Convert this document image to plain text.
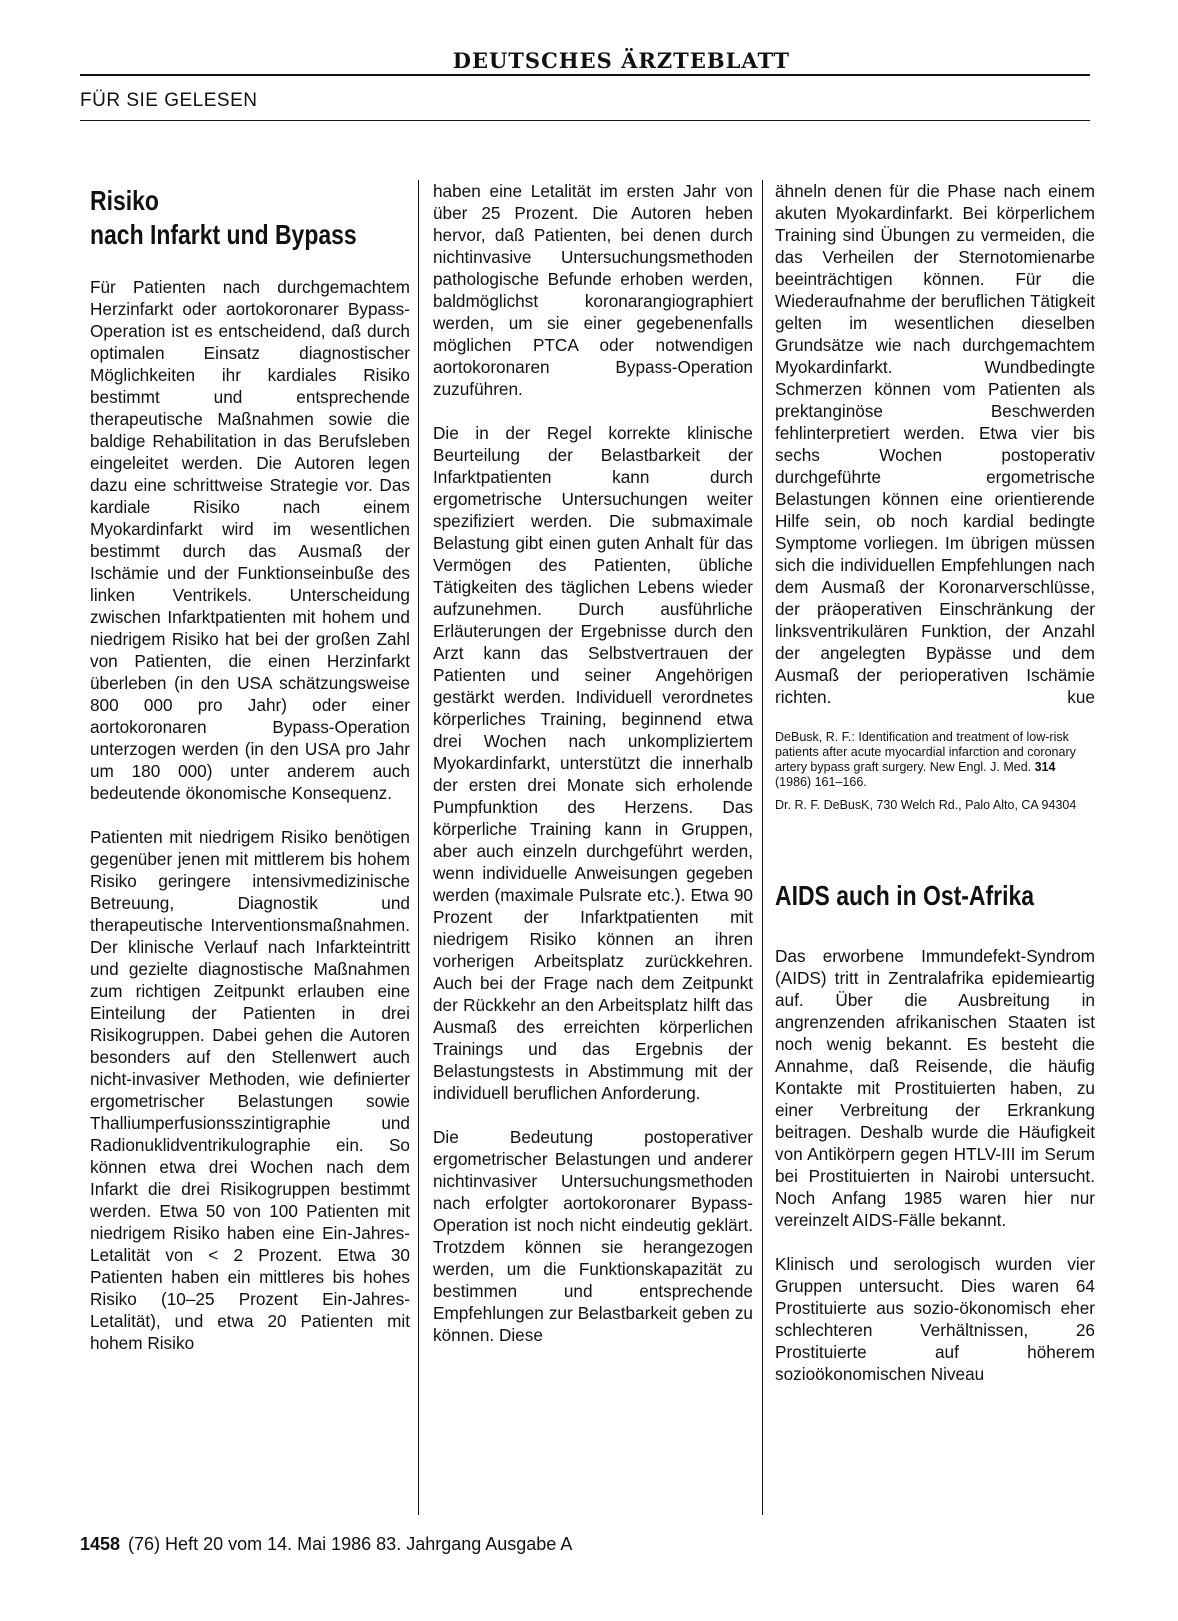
DEUTSCHES ÄRZTEBLATT
FÜR SIE GELESEN
Risiko
nach Infarkt und Bypass

Für Patienten nach durchgemachtem Herzinfarkt oder aortokoronarer Bypass-Operation ist es entscheidend, daß durch optimalen Einsatz diagnostischer Möglichkeiten ihr kardiales Risiko bestimmt und entsprechende therapeutische Maßnahmen sowie die baldige Rehabilitation in das Berufsleben eingeleitet werden. Die Autoren legen dazu eine schrittweise Strategie vor. Das kardiale Risiko nach einem Myokardinfarkt wird im wesentlichen bestimmt durch das Ausmaß der Ischämie und der Funktionseinbuße des linken Ventrikels. Unterscheidung zwischen Infarktpatienten mit hohem und niedrigem Risiko hat bei der großen Zahl von Patienten, die einen Herzinfarkt überleben (in den USA schätzungsweise 800 000 pro Jahr) oder einer aortokoronaren Bypass-Operation unterzogen werden (in den USA pro Jahr um 180 000) unter anderem auch bedeutende ökonomische Konsequenz.

Patienten mit niedrigem Risiko benötigen gegenüber jenen mit mittlerem bis hohem Risiko geringere intensivmedizinische Betreuung, Diagnostik und therapeutische Interventionsmaßnahmen. Der klinische Verlauf nach Infarkteintritt und gezielte diagnostische Maßnahmen zum richtigen Zeitpunkt erlauben eine Einteilung der Patienten in drei Risikogruppen. Dabei gehen die Autoren besonders auf den Stellenwert auch nicht-invasiver Methoden, wie definierter ergometrischer Belastungen sowie Thalliumperfusionsszintigraphie und Radionuklidventrikulographie ein. So können etwa drei Wochen nach dem Infarkt die drei Risikogruppen bestimmt werden. Etwa 50 von 100 Patienten mit niedrigem Risiko haben eine Ein-Jahres-Letalität von < 2 Prozent. Etwa 30 Patienten haben ein mittleres bis hohes Risiko (10–25 Prozent Ein-Jahres-Letalität), und etwa 20 Patienten mit hohem Risiko

haben eine Letalität im ersten Jahr von über 25 Prozent. Die Autoren heben hervor, daß Patienten, bei denen durch nichtinvasive Untersuchungsmethoden pathologische Befunde erhoben werden, baldmöglichst koronarangiographiert werden, um sie einer gegebenenfalls möglichen PTCA oder notwendigen aortokoronaren Bypass-Operation zuzuführen.

Die in der Regel korrekte klinische Beurteilung der Belastbarkeit der Infarktpatienten kann durch ergometrische Untersuchungen weiter spezifiziert werden. Die submaximale Belastung gibt einen guten Anhalt für das Vermögen des Patienten, übliche Tätigkeiten des täglichen Lebens wieder aufzunehmen. Durch ausführliche Erläuterungen der Ergebnisse durch den Arzt kann das Selbstvertrauen der Patienten und seiner Angehörigen gestärkt werden. Individuell verordnetes körperliches Training, beginnend etwa drei Wochen nach unkompliziertem Myokardinfarkt, unterstützt die innerhalb der ersten drei Monate sich erholende Pumpfunktion des Herzens. Das körperliche Training kann in Gruppen, aber auch einzeln durchgeführt werden, wenn individuelle Anweisungen gegeben werden (maximale Pulsrate etc.). Etwa 90 Prozent der Infarktpatienten mit niedrigem Risiko können an ihren vorherigen Arbeitsplatz zurückkehren. Auch bei der Frage nach dem Zeitpunkt der Rückkehr an den Arbeitsplatz hilft das Ausmaß des erreichten körperlichen Trainings und das Ergebnis der Belastungstests in Abstimmung mit der individuell beruflichen Anforderung.

Die Bedeutung postoperativer ergometrischer Belastungen und anderer nichtinvasiver Untersuchungsmethoden nach erfolgter aortokoronarer Bypass-Operation ist noch nicht eindeutig geklärt. Trotzdem können sie herangezogen werden, um die Funktionskapazität zu bestimmen und entsprechende Empfehlungen zur Belastbarkeit geben zu können. Diese

ähneln denen für die Phase nach einem akuten Myokardinfarkt. Bei körperlichem Training sind Übungen zu vermeiden, die das Verheilen der Sternotomienarbe beeinträchtigen können. Für die Wiederaufnahme der beruflichen Tätigkeit gelten im wesentlichen dieselben Grundsätze wie nach durchgemachtem Myokardinfarkt. Wundbedingte Schmerzen können vom Patienten als prektanginöse Beschwerden fehlinterpretiert werden. Etwa vier bis sechs Wochen postoperativ durchgeführte ergometrische Belastungen können eine orientierende Hilfe sein, ob noch kardial bedingte Symptome vorliegen. Im übrigen müssen sich die individuellen Empfehlungen nach dem Ausmaß der Koronarverschlüsse, der präoperativen Einschränkung der linksventrikulären Funktion, der Anzahl der angelegten Bypässe und dem Ausmaß der perioperativen Ischämie richten.	kue

DeBusk, R. F.: Identification and treatment of low-risk patients after acute myocardial infarction and coronary artery bypass graft surgery. New Engl. J. Med. 314 (1986) 161–166.

Dr. R. F. DeBusK, 730 Welch Rd., Palo Alto, CA 94304

AIDS auch in Ost-Afrika

Das erworbene Immundefekt-Syndrom (AIDS) tritt in Zentralafrika epidemieartig auf. Über die Ausbreitung in angrenzenden afrikanischen Staaten ist noch wenig bekannt. Es besteht die Annahme, daß Reisende, die häufig Kontakte mit Prostituierten haben, zu einer Verbreitung der Erkrankung beitragen. Deshalb wurde die Häufigkeit von Antikörpern gegen HTLV-III im Serum bei Prostituierten in Nairobi untersucht. Noch Anfang 1985 waren hier nur vereinzelt AIDS-Fälle bekannt.

Klinisch und serologisch wurden vier Gruppen untersucht. Dies waren 64 Prostituierte aus sozio-ökonomisch eher schlechteren Verhältnissen, 26 Prostituierte auf höherem sozioökonomischen Niveau

1458 (76) Heft 20 vom 14. Mai 1986 83. Jahrgang Ausgabe A
